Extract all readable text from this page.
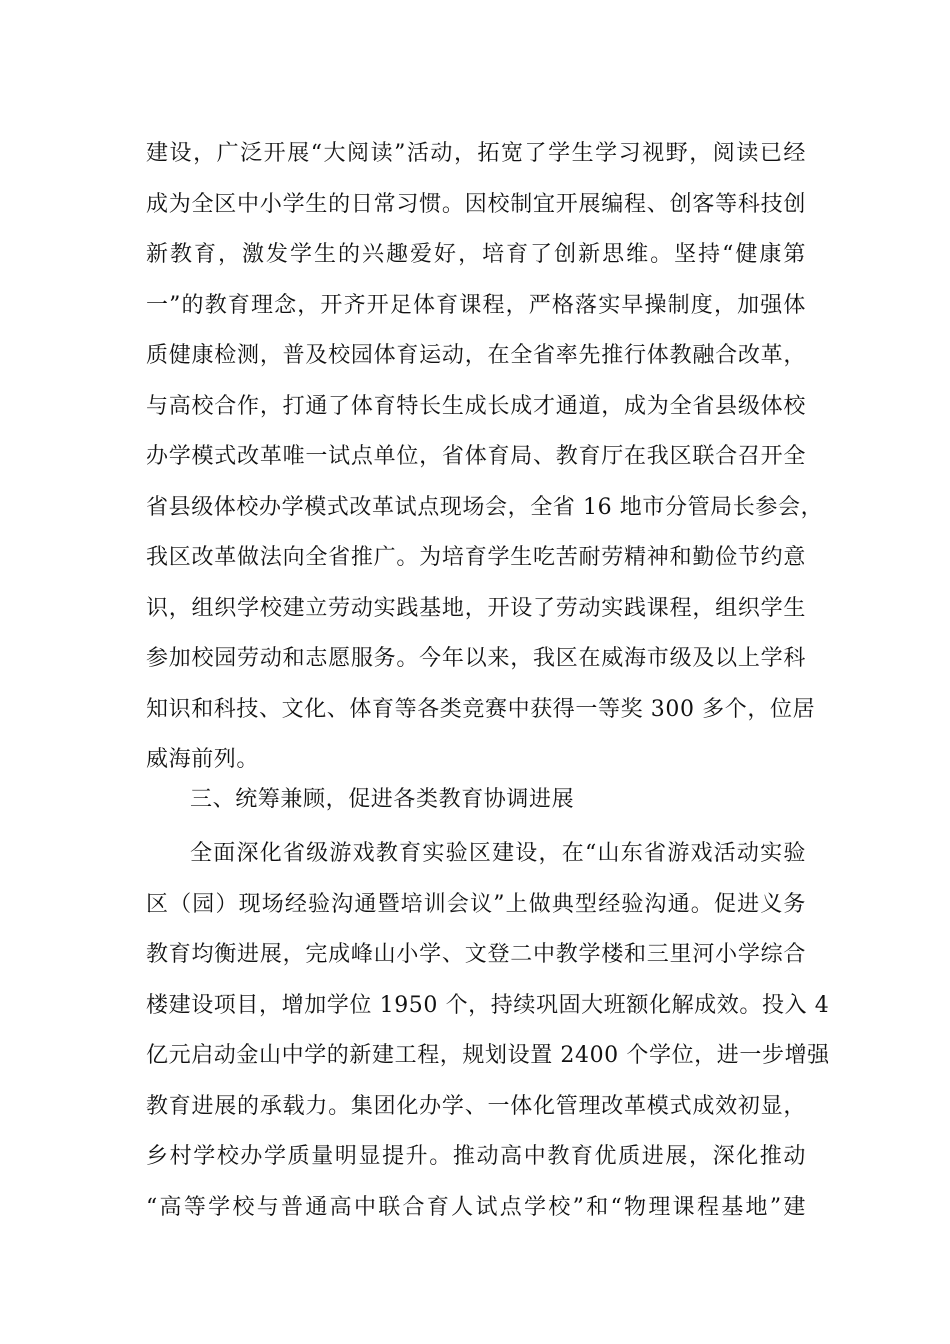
建设，广泛开展“大阅读”活动，拓宽了学生学习视野，阅读已经
成为全区中小学生的日常习惯。因校制宜开展编程、创客等科技创
新教育，激发学生的兴趣爱好，培育了创新思维。坚持“健康第
一”的教育理念，开齐开足体育课程，严格落实早操制度，加强体
质健康检测，普及校园体育运动，在全省率先推行体教融合改革，
与高校合作，打通了体育特长生成长成才通道，成为全省县级体校
办学模式改革唯一试点单位，省体育局、教育厅在我区联合召开全
省县级体校办学模式改革试点现场会，全省 16 地市分管局长参会，
我区改革做法向全省推广。为培育学生吃苦耐劳精神和勤俭节约意
识，组织学校建立劳动实践基地，开设了劳动实践课程，组织学生
参加校园劳动和志愿服务。今年以来，我区在威海市级及以上学科
知识和科技、文化、体育等各类竞赛中获得一等奖 300 多个，位居
威海前列。
三、统筹兼顾，促进各类教育协调进展
全面深化省级游戏教育实验区建设，在“山东省游戏活动实验
区（园）现场经验沟通暨培训会议”上做典型经验沟通。促进义务
教育均衡进展，完成峰山小学、文登二中教学楼和三里河小学综合
楼建设项目，增加学位 1950 个，持续巩固大班额化解成效。投入 4
亿元启动金山中学的新建工程，规划设置 2400 个学位，进一步增强
教育进展的承载力。集团化办学、一体化管理改革模式成效初显，
乡村学校办学质量明显提升。推动高中教育优质进展，深化推动
“高等学校与普通高中联合育人试点学校”和“物理课程基地”建
